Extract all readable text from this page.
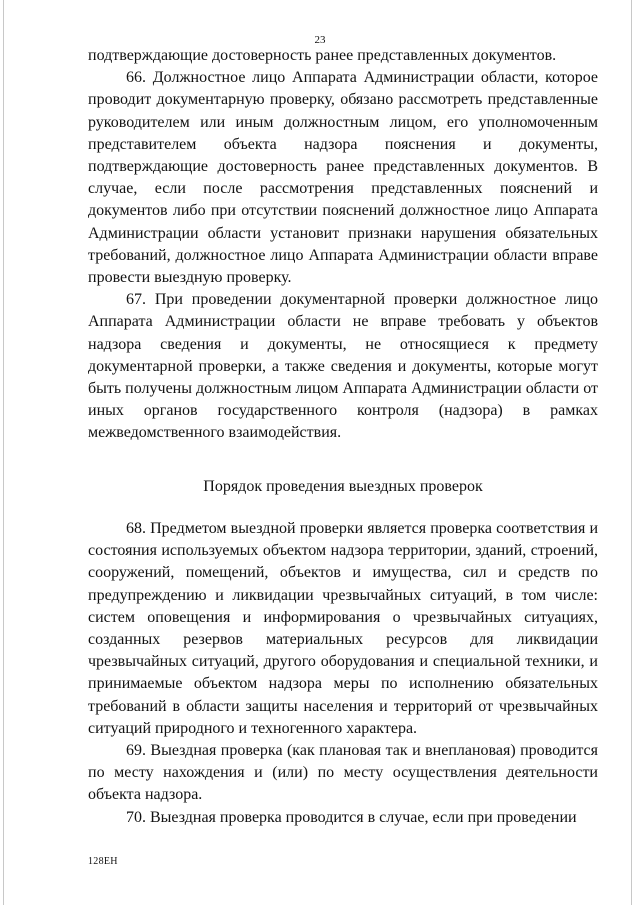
23

подтверждающие достоверность ранее представленных документов.

66. Должностное лицо Аппарата Администрации области, которое проводит документарную проверку, обязано рассмотреть представленные руководителем или иным должностным лицом, его уполномоченным представителем объекта надзора пояснения и документы, подтверждающие достоверность ранее представленных документов. В случае, если после рассмотрения представленных пояснений и документов либо при отсутствии пояснений должностное лицо Аппарата Администрации области установит признаки нарушения обязательных требований, должностное лицо Аппарата Администрации области вправе провести выездную проверку.

67. При проведении документарной проверки должностное лицо Аппарата Администрации области не вправе требовать у объектов надзора сведения и документы, не относящиеся к предмету документарной проверки, а также сведения и документы, которые могут быть получены должностным лицом Аппарата Администрации области от иных органов государственного контроля (надзора) в рамках межведомственного взаимодействия.

Порядок проведения выездных проверок

68. Предметом выездной проверки является проверка соответствия и состояния используемых объектом надзора территории, зданий, строений, сооружений, помещений, объектов и имущества, сил и средств по предупреждению и ликвидации чрезвычайных ситуаций, в том числе: систем оповещения и информирования о чрезвычайных ситуациях, созданных резервов материальных ресурсов для ликвидации чрезвычайных ситуаций, другого оборудования и специальной техники, и принимаемые объектом надзора меры по исполнению обязательных требований в области защиты населения и территорий от чрезвычайных ситуаций природного и техногенного характера.

69. Выездная проверка (как плановая так и внеплановая) проводится по месту нахождения и (или) по месту осуществления деятельности объекта надзора.

70. Выездная проверка проводится в случае, если при проведении

128ЕН
